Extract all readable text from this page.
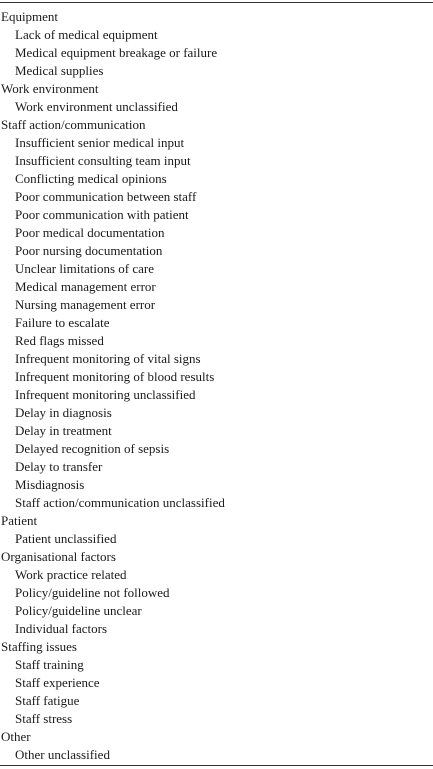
Equipment
Lack of medical equipment
Medical equipment breakage or failure
Medical supplies
Work environment
Work environment unclassified
Staff action/communication
Insufficient senior medical input
Insufficient consulting team input
Conflicting medical opinions
Poor communication between staff
Poor communication with patient
Poor medical documentation
Poor nursing documentation
Unclear limitations of care
Medical management error
Nursing management error
Failure to escalate
Red flags missed
Infrequent monitoring of vital signs
Infrequent monitoring of blood results
Infrequent monitoring unclassified
Delay in diagnosis
Delay in treatment
Delayed recognition of sepsis
Delay to transfer
Misdiagnosis
Staff action/communication unclassified
Patient
Patient unclassified
Organisational factors
Work practice related
Policy/guideline not followed
Policy/guideline unclear
Individual factors
Staffing issues
Staff training
Staff experience
Staff fatigue
Staff stress
Other
Other unclassified
